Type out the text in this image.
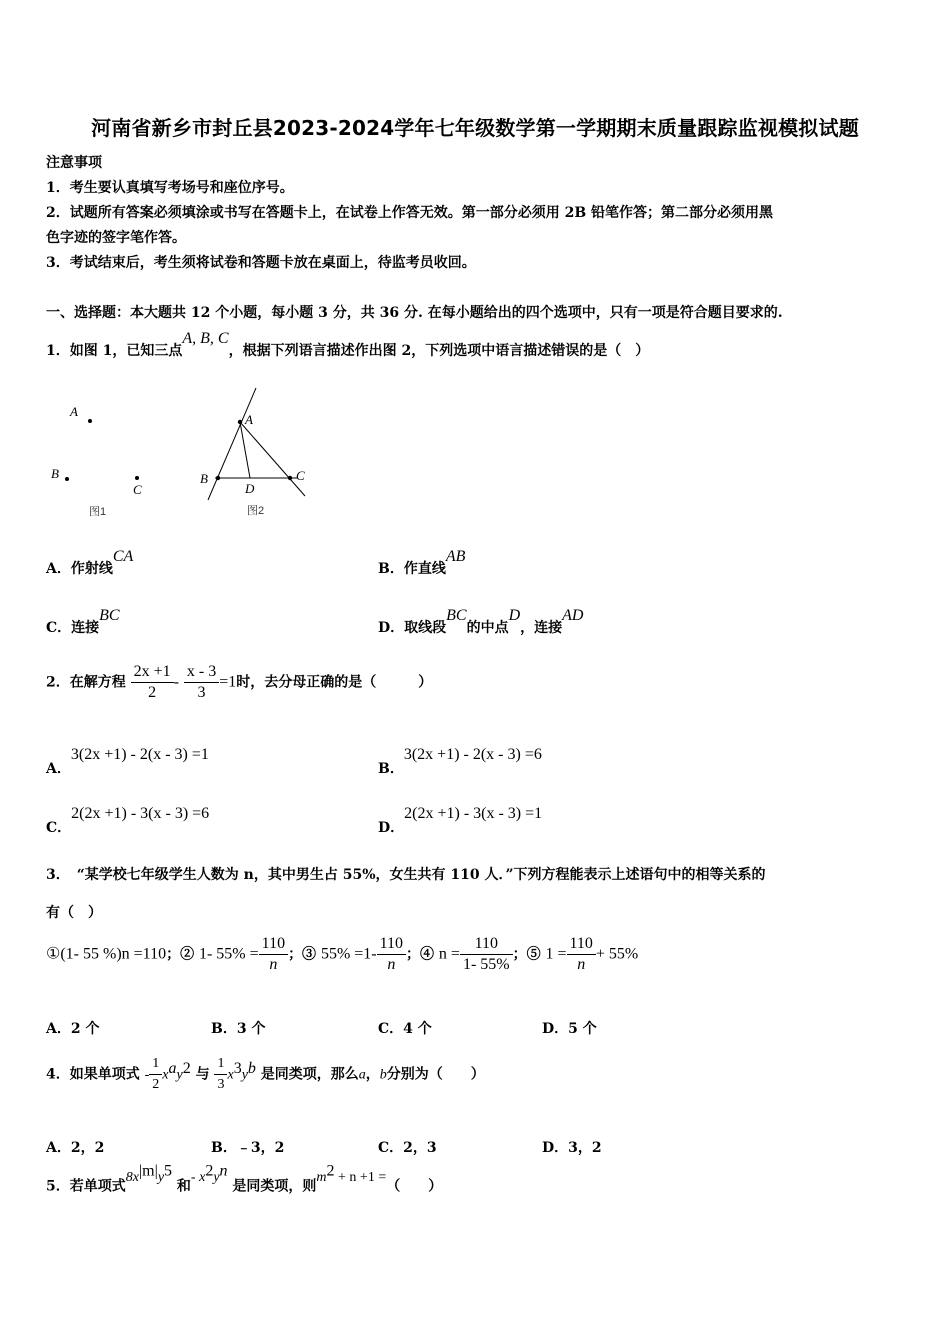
河南省新乡市封丘县2023-2024学年七年级数学第一学期期末质量跟踪监视模拟试题
注意事项
1．考生要认真填写考场号和座位序号。
2．试题所有答案必须填涂或书写在答题卡上，在试卷上作答无效。第一部分必须用 2B 铅笔作答；第二部分必须用黑
色字迹的签字笔作答。
3．考试结束后，考生须将试卷和答题卡放在桌面上，待监考员收回。
一、选择题：本大题共 12 个小题，每小题 3 分，共 36 分. 在每小题给出的四个选项中，只有一项是符合题目要求的.
1．如图 1，已知三点A, B, C，根据下列语言描述作出图 2，下列选项中语言描述错误的是（　）
A
B
C
图1
A
B	C
D
图2
A．作射线CA
B．作直线AB
C．连接BC
D．取线段BC的中点D，连接AD
2．在解方程 $\frac{2x +1}{2} - \frac{x - 3}{3} =1$时，去分母正确的是（　　　）
A．3(2x +1) - 2(x - 3) =1
B．3(2x +1) - 2(x - 3) =6
C．2(2x +1) - 3(x - 3) =6
D．2(2x +1) - 3(x - 3) =1
3．　“某学校七年级学生人数为 n，其中男生占 55%，女生共有 110 人．”下列方程能表示上述语句中的相等关系的
有（　）
①(1- 55 %)n =110；② 1- $55\% = \frac{110}{n}$ ；③ $55\% =1- \frac{110}{n}$ ；④ $n = \frac{110}{1- 55\%}$ ；⑤ $1 = \frac{110}{n} + 55\%$
A．2 个	B．3 个	C．4 个	D．5 个
4．如果单项式 - $\frac{1}{2} x^ay^2$ 与 $\frac{1}{3} x^3y^b$ 是同类项，那么a，b分别为（　　）
A．2，2	B．﹣3，2	C．2，3	D．3，2
5．若单项式$8x^{|m|}y^5$ 和- $x^2y^n$ 是同类项，则$m^2 + n +1$ =（　　）
